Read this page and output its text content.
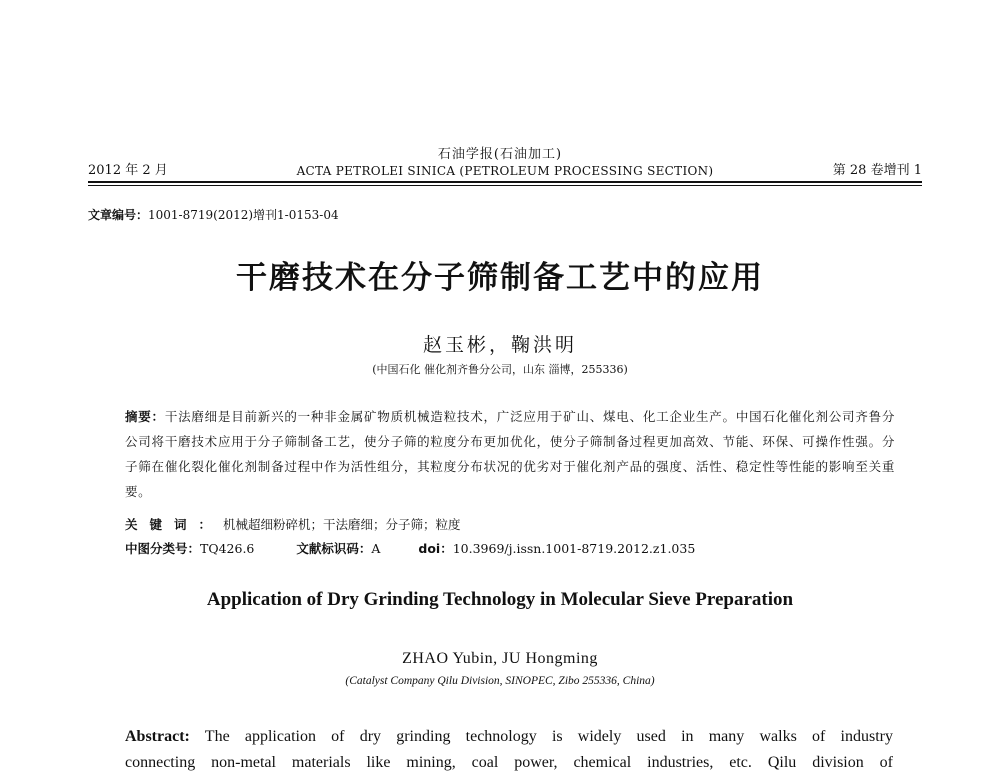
石油学报(石油加工)
2012 年 2 月	ACTA PETROLEI SINICA (PETROLEUM PROCESSING SECTION)	第 28 卷增刊 1
文章编号：1001-8719(2012)增刊1-0153-04
干磨技术在分子筛制备工艺中的应用
赵玉彬，鞠洪明
(中国石化 催化剂齐鲁分公司，山东 淄博，255336)
摘要：干法磨细是目前新兴的一种非金属矿物质机械造粒技术，广泛应用于矿山、煤电、化工企业生产。中国石化催化剂公司齐鲁分公司将干磨技术应用于分子筛制备工艺，使分子筛的粒度分布更加优化，使分子筛制备过程更加高效、节能、环保、可操作性强。分子筛在催化裂化催化剂制备过程中作为活性组分，其粒度分布状况的优劣对于催化剂产品的强度、活性、稳定性等性能的影响至关重要。
关键词：机械超细粉碎机；干法磨细；分子筛；粒度
中图分类号：TQ426.6	文献标识码：A	doi：10.3969/j.issn.1001-8719.2012.z1.035
Application of Dry Grinding Technology in Molecular Sieve Preparation
ZHAO Yubin, JU Hongming
(Catalyst Company Qilu Division, SINOPEC, Zibo 255336, China)
Abstract: The application of dry grinding technology is widely used in many walks of industry
connecting non-metal materials like mining, coal power, chemical industries, etc. Qilu division of
